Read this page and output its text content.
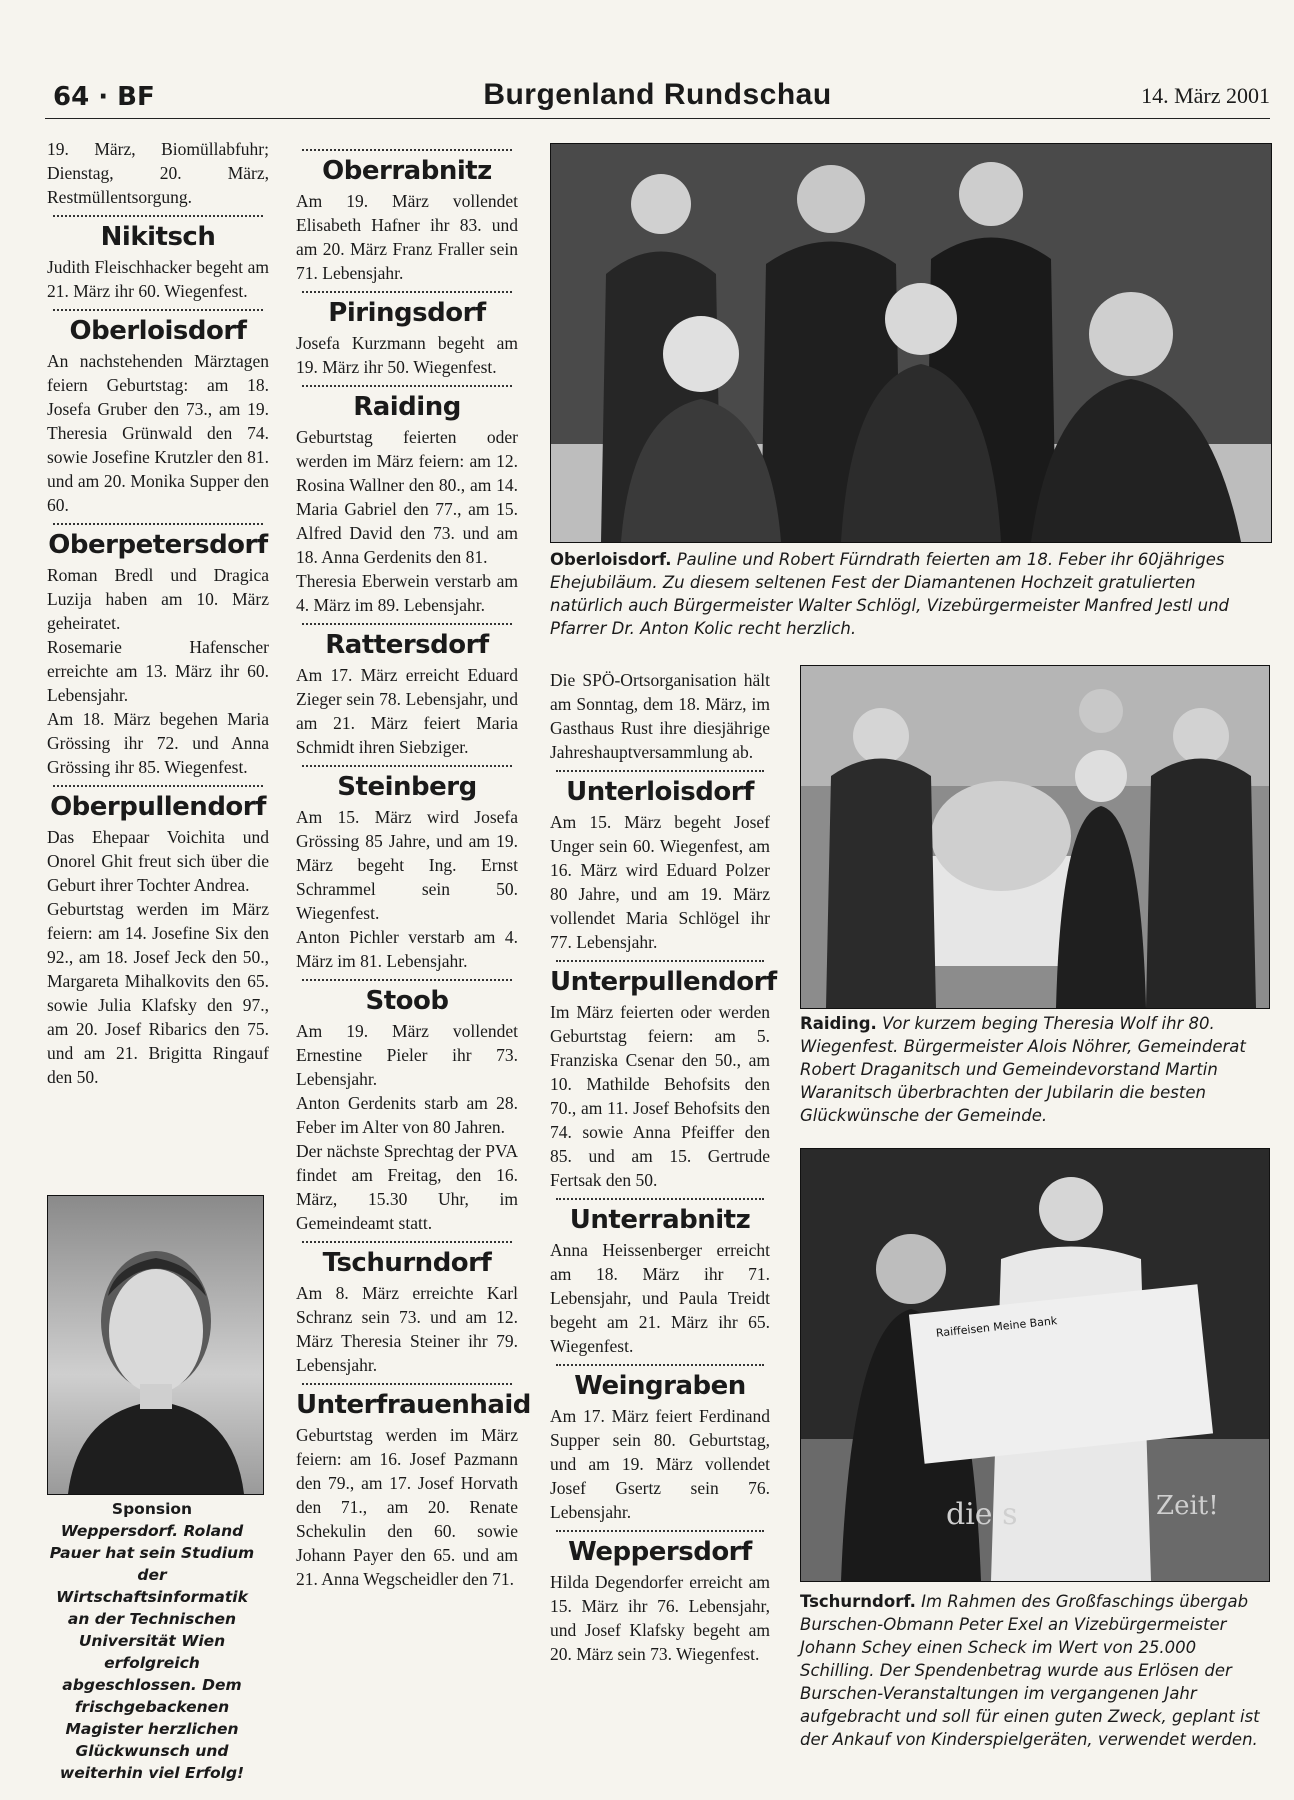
64 · BF	Burgenland Rundschau	14. März 2001

19. März, Biomüllabfuhr; Dienstag, 20. März, Restmüllentsorgung.

Nikitsch

Judith Fleischhacker begeht am 21. März ihr 60. Wiegenfest.

Oberloisdorf

An nachstehenden Märztagen feiern Geburtstag: am 18. Josefa Gruber den 73., am 19. Theresia Grünwald den 74. sowie Josefine Krutzler den 81. und am 20. Monika Supper den 60.

Oberpetersdorf

Roman Bredl und Dragica Luzija haben am 10. März geheiratet.

Rosemarie Hafenscher erreichte am 13. März ihr 60. Lebensjahr.

Am 18. März begehen Maria Grössing ihr 72. und Anna Grössing ihr 85. Wiegenfest.

Oberpullendorf

Das Ehepaar Voichita und Onorel Ghit freut sich über die Geburt ihrer Tochter Andrea.

Geburtstag werden im März feiern: am 14. Josefine Six den 92., am 18. Josef Jeck den 50., Margareta Mihalkovits den 65. sowie Julia Klafsky den 97., am 20. Josef Ribarics den 75. und am 21. Brigitta Ringauf den 50.

Sponsion
Weppersdorf. Roland Pauer hat sein Studium der Wirtschaftsinformatik an der Technischen Universität Wien erfolgreich abgeschlossen. Dem frischgebackenen Magister herzlichen Glückwunsch und weiterhin viel Erfolg!
Oberrabnitz

Am 19. März vollendet Elisabeth Hafner ihr 83. und am 20. März Franz Fraller sein 71. Lebensjahr.

Piringsdorf

Josefa Kurzmann begeht am 19. März ihr 50. Wiegenfest.

Raiding

Geburtstag feierten oder werden im März feiern: am 12. Rosina Wallner den 80., am 14. Maria Gabriel den 77., am 15. Alfred David den 73. und am 18. Anna Gerdenits den 81.

Theresia Eberwein verstarb am 4. März im 89. Lebensjahr.

Rattersdorf

Am 17. März erreicht Eduard Zieger sein 78. Lebensjahr, und am 21. März feiert Maria Schmidt ihren Siebziger.

Steinberg

Am 15. März wird Josefa Grössing 85 Jahre, und am 19. März begeht Ing. Ernst Schrammel sein 50. Wiegenfest.

Anton Pichler verstarb am 4. März im 81. Lebensjahr.

Stoob

Am 19. März vollendet Ernestine Pieler ihr 73. Lebensjahr.

Anton Gerdenits starb am 28. Feber im Alter von 80 Jahren.

Der nächste Sprechtag der PVA findet am Freitag, den 16. März, 15.30 Uhr, im Gemeindeamt statt.

Tschurndorf

Am 8. März erreichte Karl Schranz sein 73. und am 12. März Theresia Steiner ihr 79. Lebensjahr.

Unterfrauenhaid

Geburtstag werden im März feiern: am 16. Josef Pazmann den 79., am 17. Josef Horvath den 71., am 20. Renate Schekulin den 60. sowie Johann Payer den 65. und am 21. Anna Wegscheidler den 71.

Oberloisdorf. Pauline und Robert Fürndrath feierten am 18. Feber ihr 60jähriges Ehejubiläum. Zu diesem seltenen Fest der Diamantenen Hochzeit gratulierten natürlich auch Bürgermeister Walter Schlögl, Vizebürgermeister Manfred Jestl und Pfarrer Dr. Anton Kolic recht herzlich.

Die SPÖ-Ortsorganisation hält am Sonntag, dem 18. März, im Gasthaus Rust ihre diesjährige Jahreshauptversammlung ab.

Unterloisdorf

Am 15. März begeht Josef Unger sein 60. Wiegenfest, am 16. März wird Eduard Polzer 80 Jahre, und am 19. März vollendet Maria Schlögel ihr 77. Lebensjahr.

Unterpullendorf

Im März feierten oder werden Geburtstag feiern: am 5. Franziska Csenar den 50., am 10. Mathilde Behofsits den 70., am 11. Josef Behofsits den 74. sowie Anna Pfeiffer den 85. und am 15. Gertrude Fertsak den 50.

Unterrabnitz

Anna Heissenberger erreicht am 18. März ihr 71. Lebensjahr, und Paula Treidt begeht am 21. März ihr 65. Wiegenfest.

Weingraben

Am 17. März feiert Ferdinand Supper sein 80. Geburtstag, und am 19. März vollendet Josef Gsertz sein 76. Lebensjahr.

Weppersdorf

Hilda Degendorfer erreicht am 15. März ihr 76. Lebensjahr, und Josef Klafsky begeht am 20. März sein 73. Wiegenfest.

Raiding. Vor kurzem beging Theresia Wolf ihr 80. Wiegenfest. Bürgermeister Alois Nöhrer, Gemeinderat Robert Draganitsch und Gemeindevorstand Martin Waranitsch überbrachten der Jubilarin die besten Glückwünsche der Gemeinde.
Raiffeisen Meine Bank
die s	Zeit!
Tschurndorf. Im Rahmen des Großfaschings übergab Burschen-Obmann Peter Exel an Vizebürgermeister Johann Schey einen Scheck im Wert von 25.000 Schilling. Der Spendenbetrag wurde aus Erlösen der Burschen-Veranstaltungen im vergangenen Jahr aufgebracht und soll für einen guten Zweck, geplant ist der Ankauf von Kinderspielgeräten, verwendet werden.
